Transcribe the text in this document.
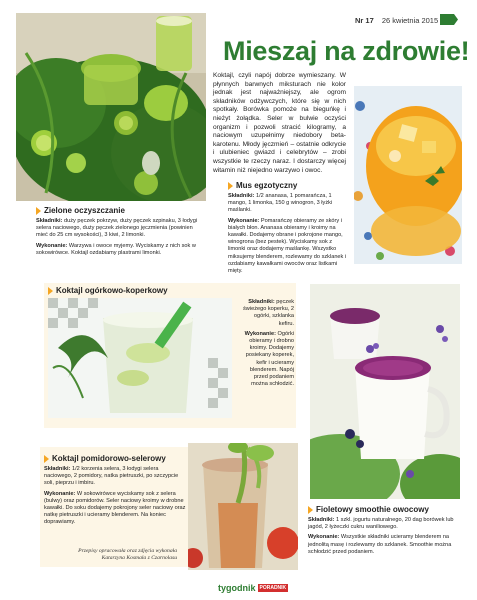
Nr 17 26 kwietnia 2015
Mieszaj na zdrowie!
Koktajl, czyli napój dobrze wymieszany. W płynnych barwnych miksturach nie kolor jednak jest najważniejszy, ale ogrom składników odżywczych, które się w nich spotkały. Borówka pomoże na bieguńkę i nieżyt żołądka. Seler w bulwie oczyści organizm i pozwoli stracić kilogramy, a naciowym uzupełnimy niedobory beta-karotenu. Młody jęczmień – ostatnie odkrycie i ulubieniec gwiazd i celebrytów – zrobi wszystkie te rzeczy naraz. I dostarczy więcej witamin niż niejedno warzywo i owoc.
Zielone oczyszczanie

Składniki: duży pęczek pokrzyw, duży pęczek szpinaku, 3 łodygi selera naciowego, duży pęczek zielonego jęczmienia (powinien mieć do 25 cm wysokości), 3 kiwi, 2 limonki.

Wykonanie: Warzywa i owoce myjemy. Wyciskamy z nich sok w sokowirówce. Koktajl ozdabiamy plastrami limonki.

Mus egzotyczny

Składniki: 1/2 ananasa, 1 pomarańcza, 1 mango, 1 limonka, 150 g winogron, 3 łyżki maślanki.

Wykonanie: Pomarańczę obieramy ze skóry i białych błon. Ananasa obieramy i kroimy na kawałki. Dodajemy obrane i pokrojone mango, winogrona (bez pestek). Wyciskamy sok z limonki oraz dodajemy maślankę. Wszystko miksujemy blenderem, rozlewamy do szklanek i ozdabiamy kawałkami owoców oraz listkami mięty.

Koktajl ogórkowo-koperkowy

Składniki: pęczek świeżego koperku, 2 ogórki, szklanka kefiru.

Wykonanie: Ogórki obieramy i drobno kroimy. Dodajemy posiekany koperek, kefir i ucieramy blenderem. Napój przed podaniem można schłodzić.

Koktajl pomidorowo-selerowy

Składniki: 1/2 korzenia selera, 3 łodygi selera naciowego, 2 pomidory, natka pietruszki, po szczypcie soli, pieprzu i imbiru.

Wykonanie: W sokowirówce wyciskamy sok z selera (bulwy) oraz pomidorów. Seler naciowy kroimy w drobne kawałki. Do soku dodajemy pokrojony seler naciowy oraz natkę pietruszki i ucieramy blenderem. Na koniec doprawiamy.

Przepisy opracowała oraz zdjęcia wykonała Katarzyna Kosmala z Czarnolasu
Fioletowy smoothie owocowy

Składniki: 1 szkl. jogurtu naturalnego, 20 dag borówek lub jagód, 2 łyżeczki cukru waniliowego.

Wykonanie: Wszystkie składniki ucieramy blenderem na jednolitą masę i rozlewamy do szklanek. Smoothie można schłodzić przed podaniem.

tygodnik PORADNIK
